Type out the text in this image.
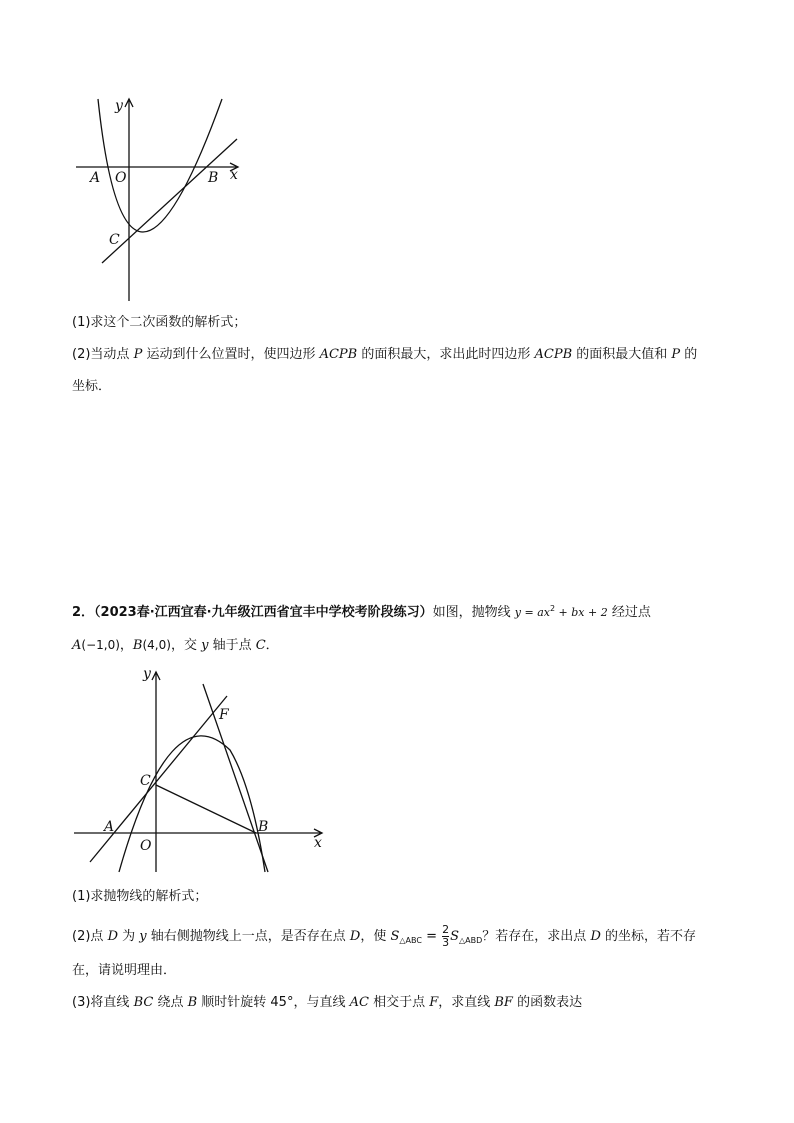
y
x
A O	B
C
(1)求这个二次函数的解析式；
(2)当动点 P 运动到什么位置时，使四边形 ACPB 的面积最大，求出此时四边形 ACPB 的面积最大值和 P 的
坐标．
2．（2023春·江西宜春·九年级江西省宜丰中学校考阶段练习）如图，抛物线 $y = ax^2$ + bx + 2 经过点
A(−1,0)，B(4,0)，交 y 轴于点 C．
y
x
F
C
A
O
B
(1)求抛物线的解析式；
(2)点 D 为 y 轴右侧抛物线上一点，是否存在点 D，使 $S_{\triangle ABC} = \frac{2}{3} S_{\triangle ABD}$？若存在，求出点 D 的坐标，若不存
在，请说明理由．
(3)将直线 BC 绕点 B 顺时针旋转 45°，与直线 AC 相交于点 F，求直线 BF 的函数表达
